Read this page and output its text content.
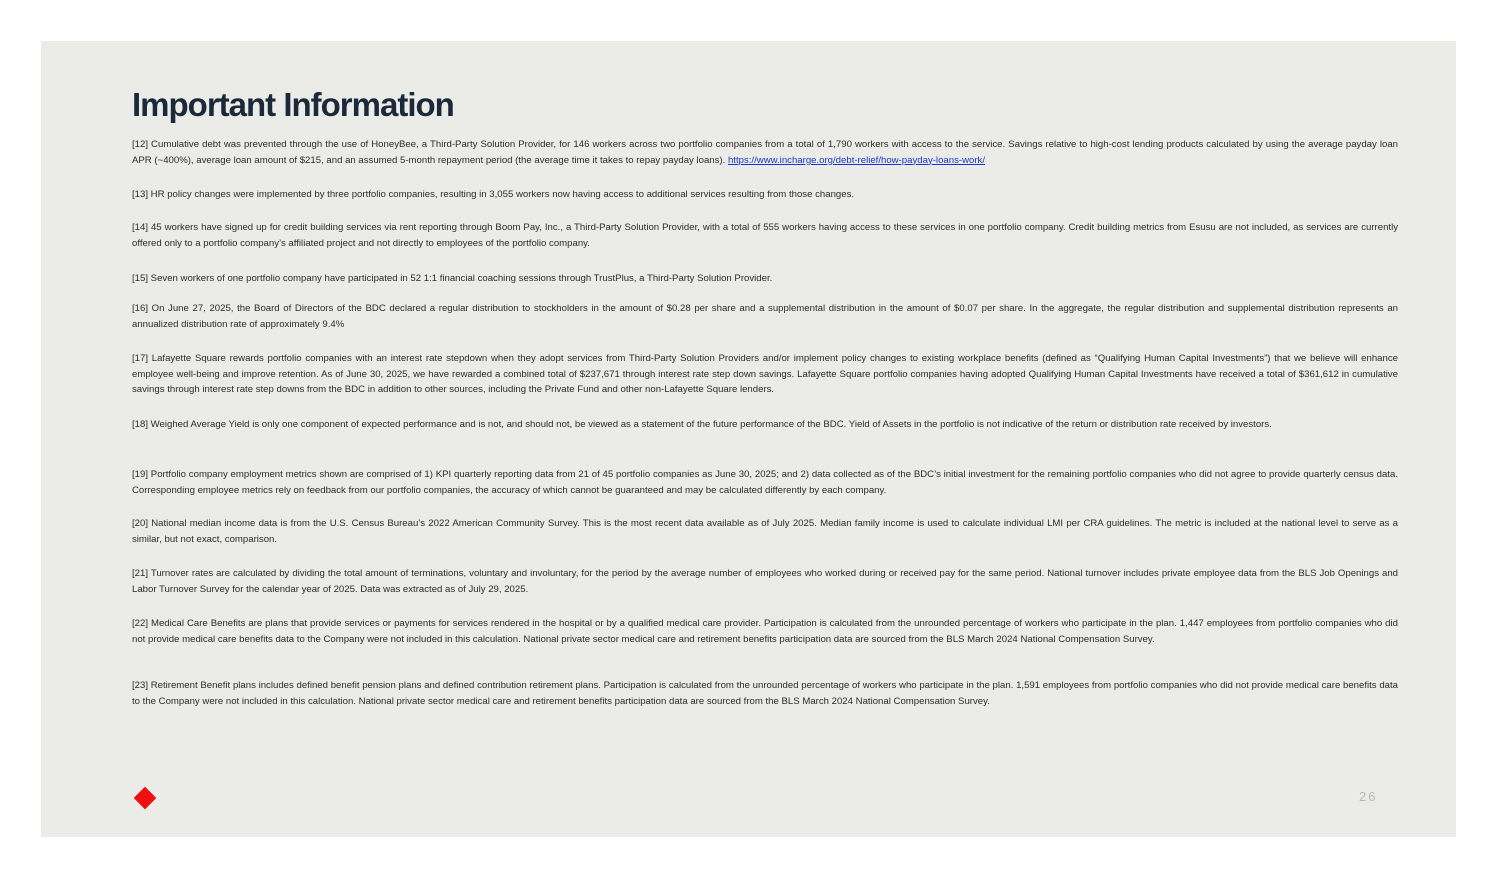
Important Information

[12] Cumulative debt was prevented through the use of HoneyBee, a Third-Party Solution Provider, for 146 workers across two portfolio companies from a total of 1,790 workers with access to the service. Savings relative to high-cost lending products calculated by using the average payday loan APR (~400%), average loan amount of $215, and an assumed 5-month repayment period (the average time it takes to repay payday loans). https://www.incharge.org/debt-relief/how-payday-loans-work/

[13] HR policy changes were implemented by three portfolio companies, resulting in 3,055 workers now having access to additional services resulting from those changes.

[14] 45 workers have signed up for credit building services via rent reporting through Boom Pay, Inc., a Third-Party Solution Provider, with a total of 555 workers having access to these services in one portfolio company. Credit building metrics from Esusu are not included, as services are currently offered only to a portfolio company’s affiliated project and not directly to employees of the portfolio company.

[15] Seven workers of one portfolio company have participated in 52 1:1 financial coaching sessions through TrustPlus, a Third-Party Solution Provider.

[16] On June 27, 2025, the Board of Directors of the BDC declared a regular distribution to stockholders in the amount of $0.28 per share and a supplemental distribution in the amount of $0.07 per share. In the aggregate, the regular distribution and supplemental distribution represents an annualized distribution rate of approximately 9.4%

[17] Lafayette Square rewards portfolio companies with an interest rate stepdown when they adopt services from Third-Party Solution Providers and/or implement policy changes to existing workplace benefits (defined as “Qualifying Human Capital Investments”) that we believe will enhance employee well-being and improve retention. As of June 30, 2025, we have rewarded a combined total of $237,671 through interest rate step down savings. Lafayette Square portfolio companies having adopted Qualifying Human Capital Investments have received a total of $361,612 in cumulative savings through interest rate step downs from the BDC in addition to other sources, including the Private Fund and other non-Lafayette Square lenders.

[18] Weighed Average Yield is only one component of expected performance and is not, and should not, be viewed as a statement of the future performance of the BDC. Yield of Assets in the portfolio is not indicative of the return or distribution rate received by investors.

[19] Portfolio company employment metrics shown are comprised of 1) KPI quarterly reporting data from 21 of 45 portfolio companies as June 30, 2025; and 2) data collected as of the BDC’s initial investment for the remaining portfolio companies who did not agree to provide quarterly census data. Corresponding employee metrics rely on feedback from our portfolio companies, the accuracy of which cannot be guaranteed and may be calculated differently by each company.

[20] National median income data is from the U.S. Census Bureau’s 2022 American Community Survey. This is the most recent data available as of July 2025. Median family income is used to calculate individual LMI per CRA guidelines. The metric is included at the national level to serve as a similar, but not exact, comparison.

[21] Turnover rates are calculated by dividing the total amount of terminations, voluntary and involuntary, for the period by the average number of employees who worked during or received pay for the same period. National turnover includes private employee data from the BLS Job Openings and Labor Turnover Survey for the calendar year of 2025. Data was extracted as of July 29, 2025.

[22] Medical Care Benefits are plans that provide services or payments for services rendered in the hospital or by a qualified medical care provider. Participation is calculated from the unrounded percentage of workers who participate in the plan. 1,447 employees from portfolio companies who did not provide medical care benefits data to the Company were not included in this calculation. National private sector medical care and retirement benefits participation data are sourced from the BLS March 2024 National Compensation Survey.

[23] Retirement Benefit plans includes defined benefit pension plans and defined contribution retirement plans. Participation is calculated from the unrounded percentage of workers who participate in the plan. 1,591 employees from portfolio companies who did not provide medical care benefits data to the Company were not included in this calculation. National private sector medical care and retirement benefits participation data are sourced from the BLS March 2024 National Compensation Survey.

26
